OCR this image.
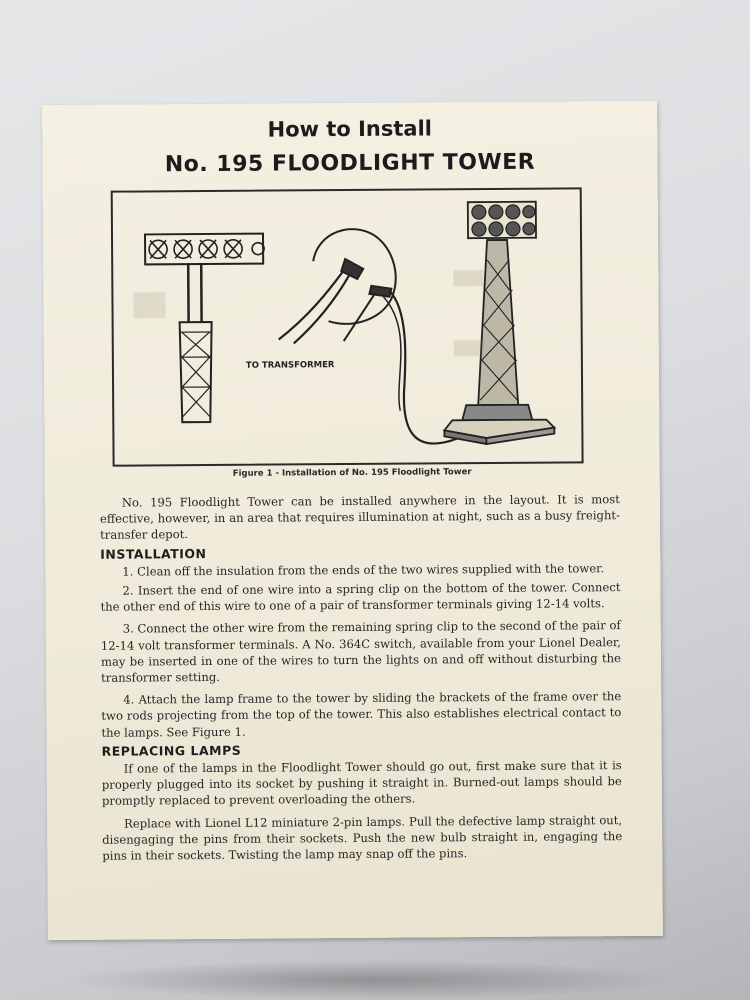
How to Install
No. 195 FLOODLIGHT TOWER
TO TRANSFORMER
Figure 1 - Installation of No. 195 Floodlight Tower

No. 195 Floodlight Tower can be installed anywhere in the layout. It is most effective, however, in an area that requires illumination at night, such as a busy freight-transfer depot.

INSTALLATION

1. Clean off the insulation from the ends of the two wires supplied with the tower.

2. Insert the end of one wire into a spring clip on the bottom of the tower. Connect the other end of this wire to one of a pair of transformer terminals giving 12-14 volts.

3. Connect the other wire from the remaining spring clip to the second of the pair of 12-14 volt transformer terminals. A No. 364C switch, available from your Lionel Dealer, may be inserted in one of the wires to turn the lights on and off without disturbing the transformer setting.

4. Attach the lamp frame to the tower by sliding the brackets of the frame over the two rods projecting from the top of the tower. This also establishes electrical contact to the lamps. See Figure 1.

REPLACING LAMPS

If one of the lamps in the Floodlight Tower should go out, first make sure that it is properly plugged into its socket by pushing it straight in. Burned-out lamps should be promptly replaced to prevent overloading the others.

Replace with Lionel L12 miniature 2-pin lamps. Pull the defective lamp straight out, disengaging the pins from their sockets. Push the new bulb straight in, engaging the pins in their sockets. Twisting the lamp may snap off the pins.
